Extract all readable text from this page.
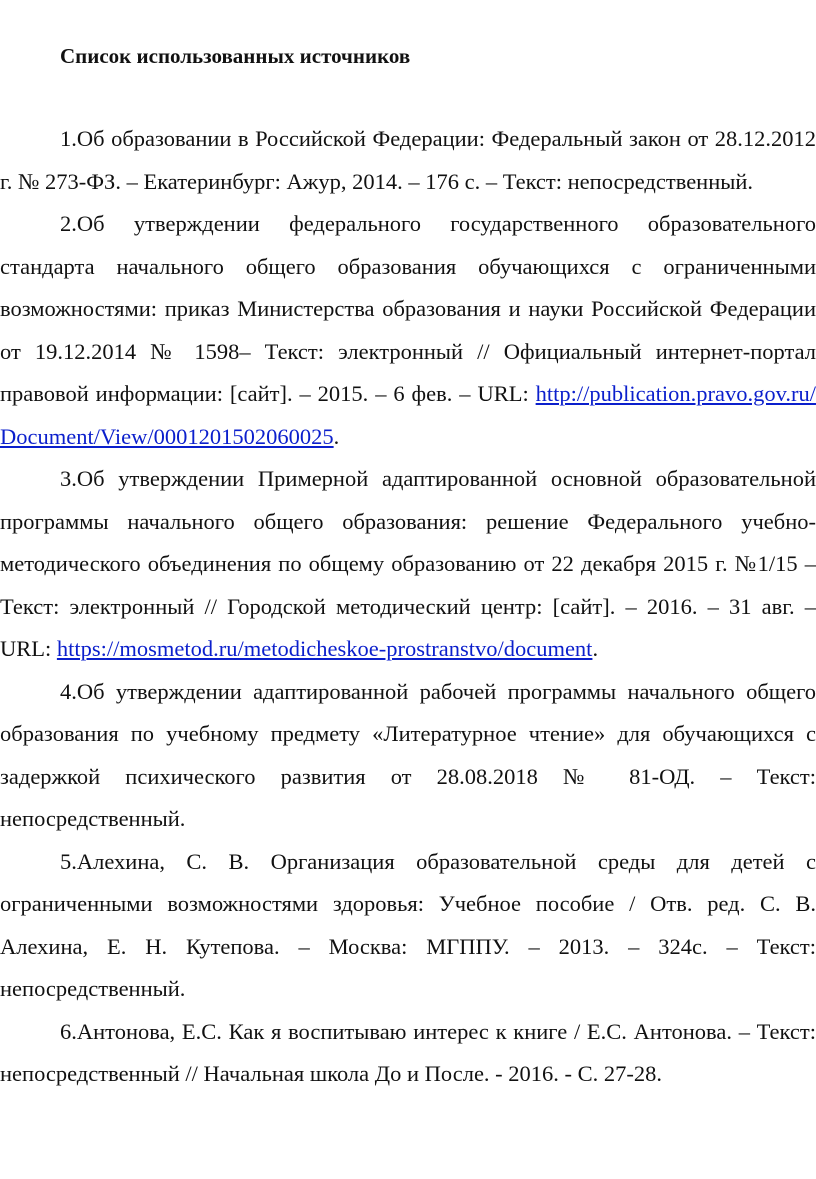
Список использованных источников

1.Об образовании в Российской Федерации: Федеральный закон от 28.12.2012 г. № 273-ФЗ. – Екатеринбург: Ажур, 2014. – 176 с. – Текст: непосредственный.

2.Об утверждении федерального государственного образовательного стандарта начального общего образования обучающихся с ограниченными возможностями: приказ Министерства образования и науки Российской Федерации от 19.12.2014 № 1598– Текст: электронный // Официальный интернет-портал правовой информации: [сайт]. – 2015. – 6 фев. – URL: http://publication.pravo.gov.ru/Document/View/0001201502060025.

3.Об утверждении Примерной адаптированной основной образовательной программы начального общего образования: решение Федерального учебно-методического объединения по общему образованию от 22 декабря 2015 г. №1/15 – Текст: электронный // Городской методический центр: [сайт]. – 2016. – 31 авг. – URL: https://mosmetod.ru/metodicheskoe-prostranstvo/document.

4.Об утверждении адаптированной рабочей программы начального общего образования по учебному предмету «Литературное чтение» для обучающихся с задержкой психического развития от 28.08.2018 № 81-ОД. – Текст: непосредственный.

5.Алехина, С. В. Организация образовательной среды для детей с ограниченными возможностями здоровья: Учебное пособие / Отв. ред. С. В. Алехина, Е. Н. Кутепова. – Москва: МГППУ. – 2013. – 324с. – Текст: непосредственный.

6.Антонова, Е.С. Как я воспитываю интерес к книге / Е.С. Антонова. – Текст: непосредственный // Начальная школа До и После. - 2016. - С. 27-28.
